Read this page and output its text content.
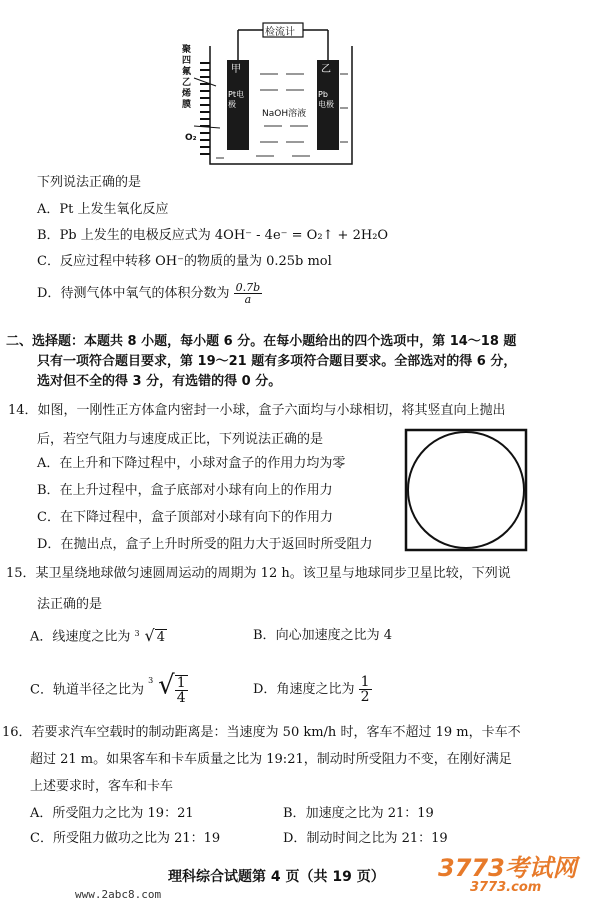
检流计
聚
四
氟
乙
烯
膜
O₂
甲
Pt电极
乙
Pb电极
NaOH溶液
下列说法正确的是
A．Pt 上发生氧化反应
B．Pb 上发生的电极反应式为 4OH⁻ - 4e⁻ = O₂↑ + 2H₂O
C．反应过程中转移 OH⁻的物质的量为 0.25b mol
D．待测气体中氧气的体积分数为 $\frac{0.7b}{a}$
二、选择题：本题共 8 小题，每小题 6 分。在每小题给出的四个选项中，第 14～18 题
只有一项符合题目要求，第 19～21 题有多项符合题目要求。全部选对的得 6 分，
选对但不全的得 3 分，有选错的得 0 分。
14．如图，一刚性正方体盒内密封一小球，盒子六面均与小球相切，将其竖直向上抛出
后，若空气阻力与速度成正比，下列说法正确的是
A．在上升和下降过程中，小球对盒子的作用力均为零
B．在上升过程中，盒子底部对小球有向上的作用力
C．在下降过程中，盒子顶部对小球有向下的作用力
D．在抛出点，盒子上升时所受的阻力大于返回时所受阻力
15．某卫星绕地球做匀速圆周运动的周期为 12 h。该卫星与地球同步卫星比较，下列说
法正确的是
A．线速度之比为 3 √ 4	B．向心加速度之比为 4
C．轨道半径之比为
3 √ $\frac{1}{4}$	D．角速度之比为 $\frac{1}{2}$
16．若要求汽车空载时的制动距离是：当速度为 50 km/h 时，客车不超过 19 m，卡车不
超过 21 m。如果客车和卡车质量之比为 19:21，制动时所受阻力不变，在刚好满足
上述要求时，客车和卡车
A．所受阻力之比为 19：21	B．加速度之比为 21：19
C．所受阻力做功之比为 21：19	D．制动时间之比为 21：19
理科综合试题第 4 页（共 19 页）
www.2abc8.com
3773考试网
3773.com
